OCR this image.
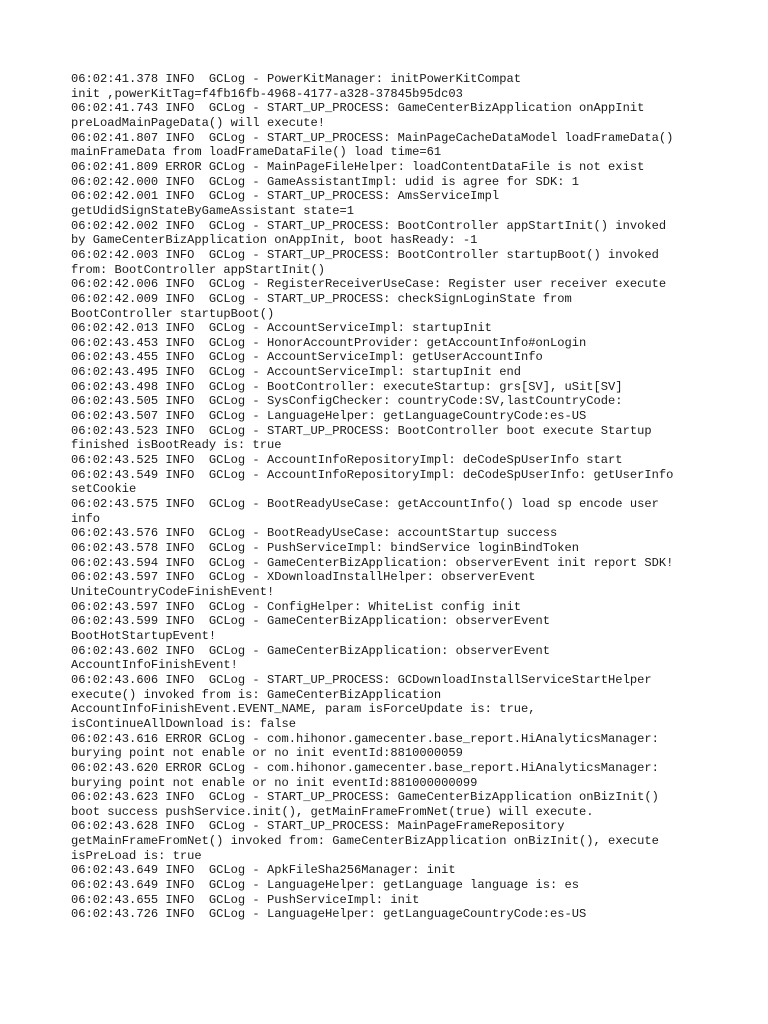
06:02:41.378 INFO  GCLog - PowerKitManager: initPowerKitCompat
init ,powerKitTag=f4fb16fb-4968-4177-a328-37845b95dc03
06:02:41.743 INFO  GCLog - START_UP_PROCESS: GameCenterBizApplication onAppInit
preLoadMainPageData() will execute!
06:02:41.807 INFO  GCLog - START_UP_PROCESS: MainPageCacheDataModel loadFrameData()
mainFrameData from loadFrameDataFile() load time=61
06:02:41.809 ERROR GCLog - MainPageFileHelper: loadContentDataFile is not exist
06:02:42.000 INFO  GCLog - GameAssistantImpl: udid is agree for SDK: 1
06:02:42.001 INFO  GCLog - START_UP_PROCESS: AmsServiceImpl
getUdidSignStateByGameAssistant state=1
06:02:42.002 INFO  GCLog - START_UP_PROCESS: BootController appStartInit() invoked
by GameCenterBizApplication onAppInit, boot hasReady: -1
06:02:42.003 INFO  GCLog - START_UP_PROCESS: BootController startupBoot() invoked
from: BootController appStartInit()
06:02:42.006 INFO  GCLog - RegisterReceiverUseCase: Register user receiver execute
06:02:42.009 INFO  GCLog - START_UP_PROCESS: checkSignLoginState from
BootController startupBoot()
06:02:42.013 INFO  GCLog - AccountServiceImpl: startupInit
06:02:43.453 INFO  GCLog - HonorAccountProvider: getAccountInfo#onLogin
06:02:43.455 INFO  GCLog - AccountServiceImpl: getUserAccountInfo
06:02:43.495 INFO  GCLog - AccountServiceImpl: startupInit end
06:02:43.498 INFO  GCLog - BootController: executeStartup: grs[SV], uSit[SV]
06:02:43.505 INFO  GCLog - SysConfigChecker: countryCode:SV,lastCountryCode:
06:02:43.507 INFO  GCLog - LanguageHelper: getLanguageCountryCode:es-US
06:02:43.523 INFO  GCLog - START_UP_PROCESS: BootController boot execute Startup
finished isBootReady is: true
06:02:43.525 INFO  GCLog - AccountInfoRepositoryImpl: deCodeSpUserInfo start
06:02:43.549 INFO  GCLog - AccountInfoRepositoryImpl: deCodeSpUserInfo: getUserInfo
setCookie
06:02:43.575 INFO  GCLog - BootReadyUseCase: getAccountInfo() load sp encode user
info
06:02:43.576 INFO  GCLog - BootReadyUseCase: accountStartup success
06:02:43.578 INFO  GCLog - PushServiceImpl: bindService loginBindToken
06:02:43.594 INFO  GCLog - GameCenterBizApplication: observerEvent init report SDK!
06:02:43.597 INFO  GCLog - XDownloadInstallHelper: observerEvent
UniteCountryCodeFinishEvent!
06:02:43.597 INFO  GCLog - ConfigHelper: WhiteList config init
06:02:43.599 INFO  GCLog - GameCenterBizApplication: observerEvent
BootHotStartupEvent!
06:02:43.602 INFO  GCLog - GameCenterBizApplication: observerEvent
AccountInfoFinishEvent!
06:02:43.606 INFO  GCLog - START_UP_PROCESS: GCDownloadInstallServiceStartHelper
execute() invoked from is: GameCenterBizApplication
AccountInfoFinishEvent.EVENT_NAME, param isForceUpdate is: true,
isContinueAllDownload is: false
06:02:43.616 ERROR GCLog - com.hihonor.gamecenter.base_report.HiAnalyticsManager:
burying point not enable or no init eventId:8810000059
06:02:43.620 ERROR GCLog - com.hihonor.gamecenter.base_report.HiAnalyticsManager:
burying point not enable or no init eventId:881000000099
06:02:43.623 INFO  GCLog - START_UP_PROCESS: GameCenterBizApplication onBizInit()
boot success pushService.init(), getMainFrameFromNet(true) will execute.
06:02:43.628 INFO  GCLog - START_UP_PROCESS: MainPageFrameRepository
getMainFrameFromNet() invoked from: GameCenterBizApplication onBizInit(), execute
isPreLoad is: true
06:02:43.649 INFO  GCLog - ApkFileSha256Manager: init
06:02:43.649 INFO  GCLog - LanguageHelper: getLanguage language is: es
06:02:43.655 INFO  GCLog - PushServiceImpl: init
06:02:43.726 INFO  GCLog - LanguageHelper: getLanguageCountryCode:es-US
